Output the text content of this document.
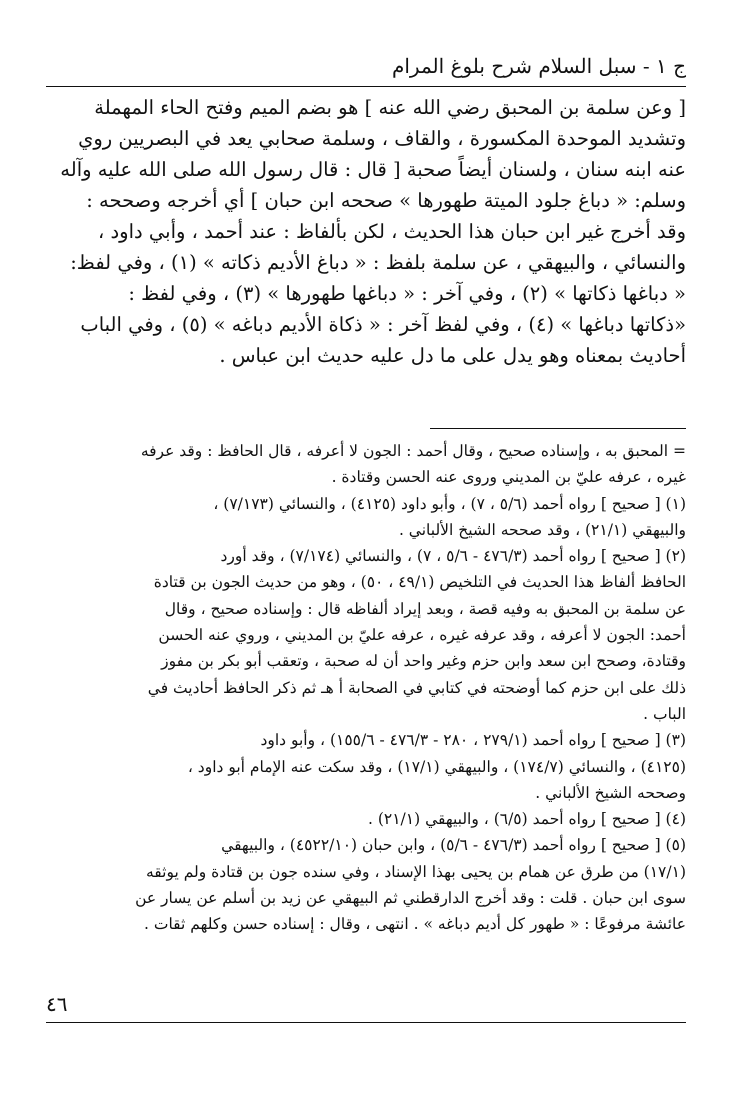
ج ١ - سبل السلام شرح بلوغ المرام
[ وعن سلمة بن المحبق رضي الله عنه ] هو بضم الميم وفتح الحاء المهملة
وتشديد الموحدة المكسورة ، والقاف ، وسلمة صحابي يعد في البصريين روي
عنه ابنه سنان ، ولسنان أيضاً صحبة [ قال : قال رسول الله صلى الله عليه وآله
وسلم: « دباغ جلود الميتة طهورها » صححه ابن حبان ] أي أخرجه وصححه :
وقد أخرج غير ابن حبان هذا الحديث ، لكن بألفاظ : عند أحمد ، وأبي داود ،
والنسائي ، والبيهقي ، عن سلمة بلفظ : « دباغ الأديم ذكاته » (١) ، وفي لفظ:
« دباغها ذكاتها » (٢) ، وفي آخر : « دباغها طهورها » (٣) ، وفي لفظ :
«ذكاتها دباغها » (٤) ، وفي لفظ آخر : « ذكاة الأديم دباغه » (٥) ، وفي الباب
أحاديث بمعناه وهو يدل على ما دل عليه حديث ابن عباس .
= المحبق به ، وإسناده صحيح ، وقال أحمد : الجون لا أعرفه ، قال الحافظ : وقد عرفه
غيره ، عرفه عليّ بن المديني وروى عنه الحسن وقتادة .
(١) [ صحيح ] رواه أحمد (٥/٦ ، ٧) ، وأبو داود (٤١٢٥) ، والنسائي (٧/١٧٣) ،
والبيهقي (٢١/١) ، وقد صححه الشيخ الألباني .
(٢) [ صحيح ] رواه أحمد (٤٧٦/٣ - ٥/٦ ، ٧) ، والنسائي (٧/١٧٤) ، وقد أورد
الحافظ ألفاظ هذا الحديث في التلخيص (٤٩/١ ، ٥٠) ، وهو من حديث الجون بن قتادة
عن سلمة بن المحبق به وفيه قصة ، وبعد إيراد ألفاظه قال : وإسناده صحيح ، وقال
أحمد: الجون لا أعرفه ، وقد عرفه غيره ، عرفه عليّ بن المديني ، وروي عنه الحسن
وقتادة، وصحح ابن سعد وابن حزم وغير واحد أن له صحبة ، وتعقب أبو بكر بن مفوز
ذلك على ابن حزم كما أوضحته في كتابي في الصحابة أ هـ ثم ذكر الحافظ أحاديث في
الباب .
(٣) [ صحيح ] رواه أحمد (٢٧٩/١ ، ٢٨٠ - ٤٧٦/٣ - ١٥٥/٦) ، وأبو داود
(٤١٢٥) ، والنسائي (١٧٤/٧) ، والبيهقي (١٧/١) ، وقد سكت عنه الإمام أبو داود ،
وصححه الشيخ الألباني .
(٤) [ صحيح ] رواه أحمد (٦/٥) ، والبيهقي (٢١/١) .
(٥) [ صحيح ] رواه أحمد (٤٧٦/٣ - ٥/٦) ، وابن حبان (٤٥٢٢/١٠) ، والبيهقي
(١٧/١) من طرق عن همام بن يحيى بهذا الإسناد ، وفي سنده جون بن قتادة ولم يوثقه
سوى ابن حبان . قلت : وقد أخرج الدارقطني ثم البيهقي عن زيد بن أسلم عن يسار عن
عائشة مرفوعًا : « طهور كل أديم دباغه » . انتهى ، وقال : إسناده حسن وكلهم ثقات .
٤٦
